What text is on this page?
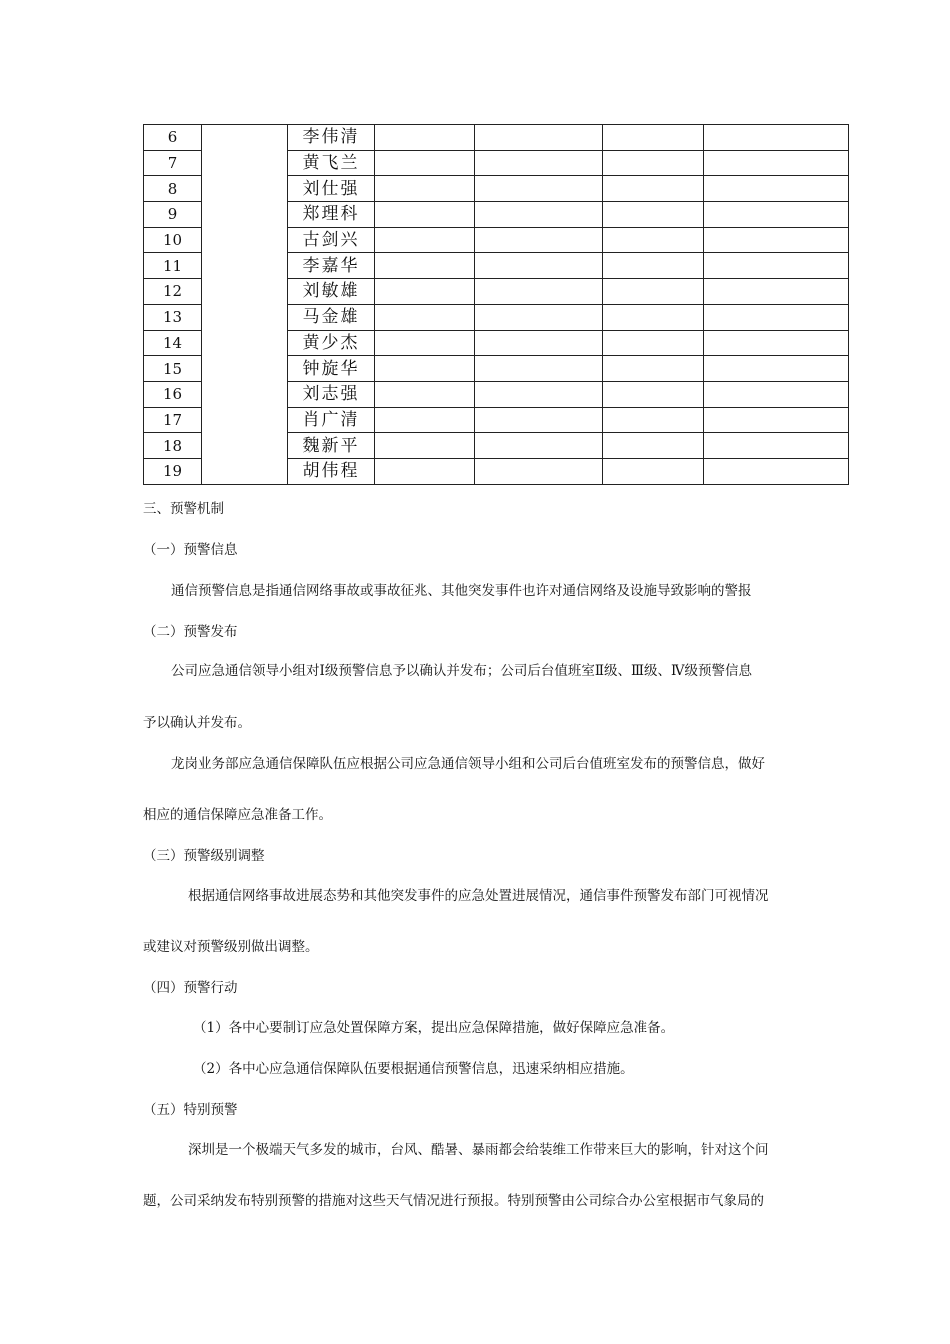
6		李伟清				
7		黄飞兰				
8		刘仕强				
9		郑理科				
10		古剑兴				
11		李嘉华				
12		刘敏雄				
13		马金雄				
14		黄少杰				
15		钟旋华				
16		刘志强				
17		肖广清				
18		魏新平				
19		胡伟程				
三、预警机制
（一）预警信息
通信预警信息是指通信网络事故或事故征兆、其他突发事件也许对通信网络及设施导致影响的警报
（二）预警发布
公司应急通信领导小组对Ⅰ级预警信息予以确认并发布；公司后台值班室Ⅱ级、Ⅲ级、Ⅳ级预警信息
予以确认并发布。
龙岗业务部应急通信保障队伍应根据公司应急通信领导小组和公司后台值班室发布的预警信息，做好
相应的通信保障应急准备工作。
（三）预警级别调整
根据通信网络事故进展态势和其他突发事件的应急处置进展情况，通信事件预警发布部门可视情况
或建议对预警级别做出调整。
（四）预警行动
（1）各中心要制订应急处置保障方案，提出应急保障措施，做好保障应急准备。
（2）各中心应急通信保障队伍要根据通信预警信息，迅速采纳相应措施。
（五）特别预警
深圳是一个极端天气多发的城市，台风、酷暑、暴雨都会给装维工作带来巨大的影响，针对这个问
题，公司采纳发布特别预警的措施对这些天气情况进行预报。特别预警由公司综合办公室根据市气象局的
